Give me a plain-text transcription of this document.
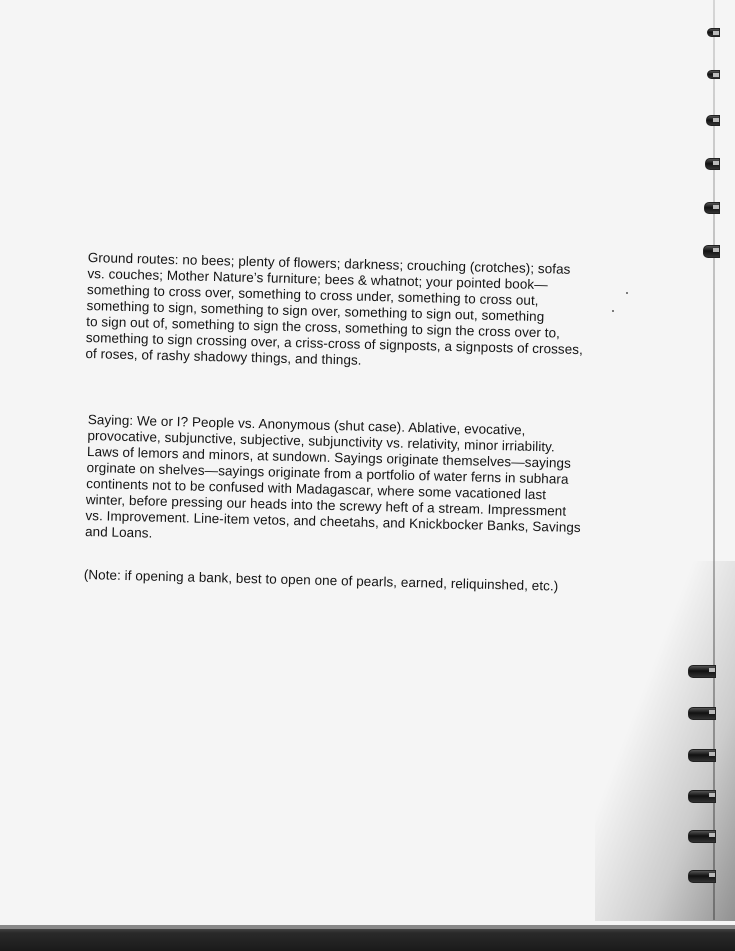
Ground routes: no bees; plenty of flowers; darkness; crouching (crotches); sofas
vs. couches; Mother Nature’s furniture; bees & whatnot; your pointed book—
something to cross over, something to cross under, something to cross out,
something to sign, something to sign over, something to sign out, something
to sign out of, something to sign the cross, something to sign the cross over to,
something to sign crossing over, a criss-cross of signposts, a signposts of crosses,
of roses, of rashy shadowy things, and things.

Saying: We or I? People vs. Anonymous (shut case). Ablative, evocative,
provocative, subjunctive, subjective, subjunctivity vs. relativity, minor irriability.
Laws of lemors and minors, at sundown. Sayings originate themselves—sayings
orginate on shelves—sayings originate from a portfolio of water ferns in subhara
continents not to be confused with Madagascar, where some vacationed last
winter, before pressing our heads into the screwy heft of a stream. Impressment
vs. Improvement. Line-item vetos, and cheetahs, and Knickbocker Banks, Savings
and Loans.

(Note: if opening a bank, best to open one of pearls, earned, reliquinshed, etc.)
